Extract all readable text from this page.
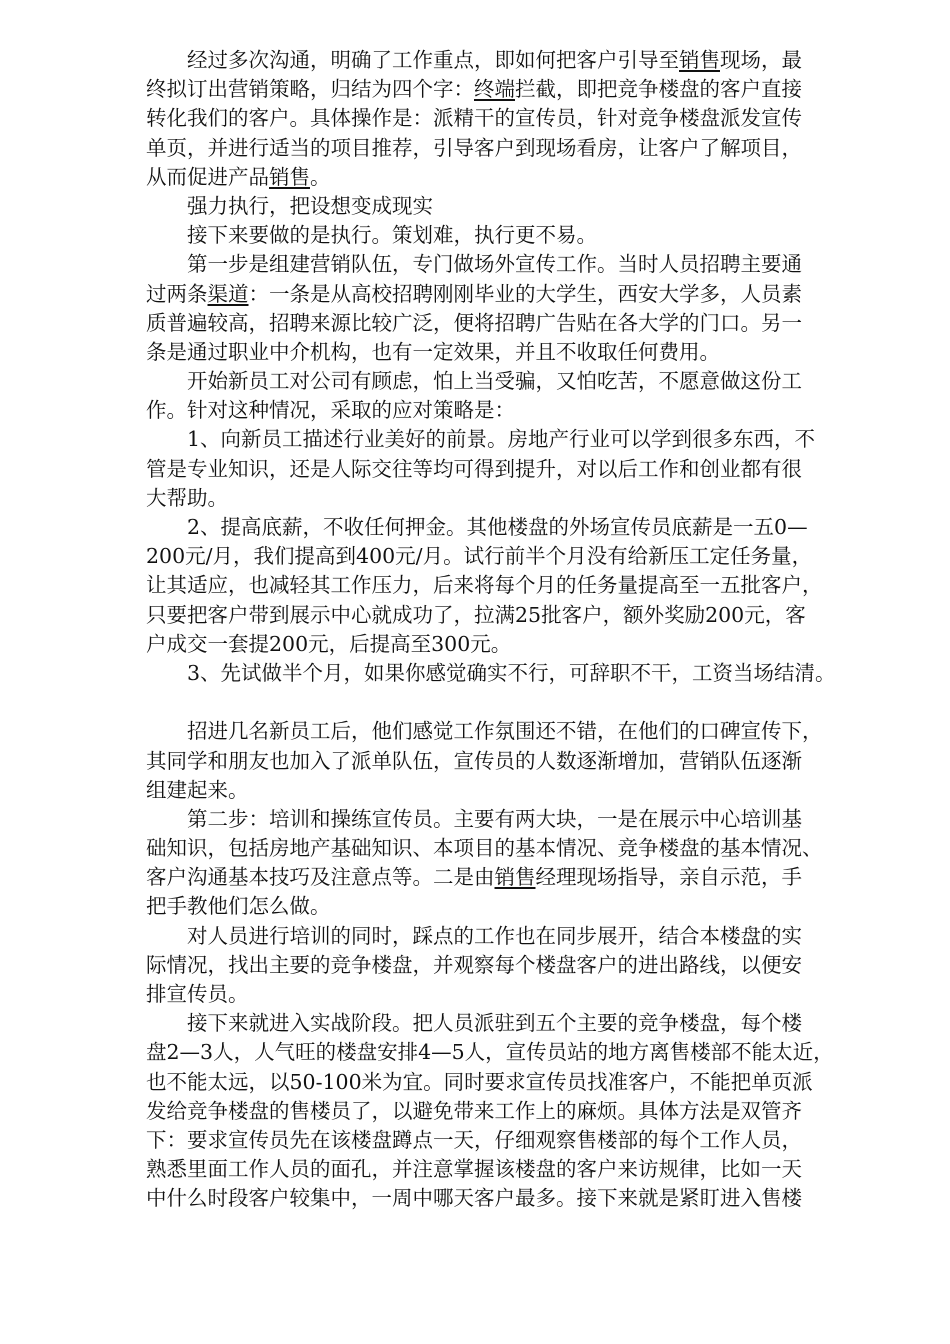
经过多次沟通，明确了工作重点，即如何把客户引导至销售现场，最
终拟订出营销策略，归结为四个字：终端拦截，即把竞争楼盘的客户直接
转化我们的客户。具体操作是：派精干的宣传员，针对竞争楼盘派发宣传
单页，并进行适当的项目推荐，引导客户到现场看房，让客户了解项目，
从而促进产品销售。
强力执行，把设想变成现实
接下来要做的是执行。策划难，执行更不易。
第一步是组建营销队伍，专门做场外宣传工作。当时人员招聘主要通
过两条渠道：一条是从高校招聘刚刚毕业的大学生，西安大学多，人员素
质普遍较高，招聘来源比较广泛，便将招聘广告贴在各大学的门口。另一
条是通过职业中介机构，也有一定效果，并且不收取任何费用。
开始新员工对公司有顾虑，怕上当受骗，又怕吃苦，不愿意做这份工
作。针对这种情况，采取的应对策略是：
1、向新员工描述行业美好的前景。房地产行业可以学到很多东西，不
管是专业知识，还是人际交往等均可得到提升，对以后工作和创业都有很
大帮助。
2、提高底薪，不收任何押金。其他楼盘的外场宣传员底薪是一五0—
200元/月，我们提高到400元/月。试行前半个月没有给新压工定任务量，
让其适应，也减轻其工作压力，后来将每个月的任务量提高至一五批客户，
只要把客户带到展示中心就成功了，拉满25批客户，额外奖励200元，客
户成交一套提200元，后提高至300元。
3、先试做半个月，如果你感觉确实不行，可辞职不干，工资当场结清。
招进几名新员工后，他们感觉工作氛围还不错，在他们的口碑宣传下，
其同学和朋友也加入了派单队伍，宣传员的人数逐渐增加，营销队伍逐渐
组建起来。
第二步：培训和操练宣传员。主要有两大块，一是在展示中心培训基
础知识，包括房地产基础知识、本项目的基本情况、竞争楼盘的基本情况、
客户沟通基本技巧及注意点等。二是由销售经理现场指导，亲自示范，手
把手教他们怎么做。
对人员进行培训的同时，踩点的工作也在同步展开，结合本楼盘的实
际情况，找出主要的竞争楼盘，并观察每个楼盘客户的进出路线，以便安
排宣传员。
接下来就进入实战阶段。把人员派驻到五个主要的竞争楼盘，每个楼
盘2—3人，人气旺的楼盘安排4—5人，宣传员站的地方离售楼部不能太近，
也不能太远，以50-100米为宜。同时要求宣传员找准客户，不能把单页派
发给竞争楼盘的售楼员了，以避免带来工作上的麻烦。具体方法是双管齐
下：要求宣传员先在该楼盘蹲点一天，仔细观察售楼部的每个工作人员，
熟悉里面工作人员的面孔，并注意掌握该楼盘的客户来访规律，比如一天
中什么时段客户较集中，一周中哪天客户最多。接下来就是紧盯进入售楼
